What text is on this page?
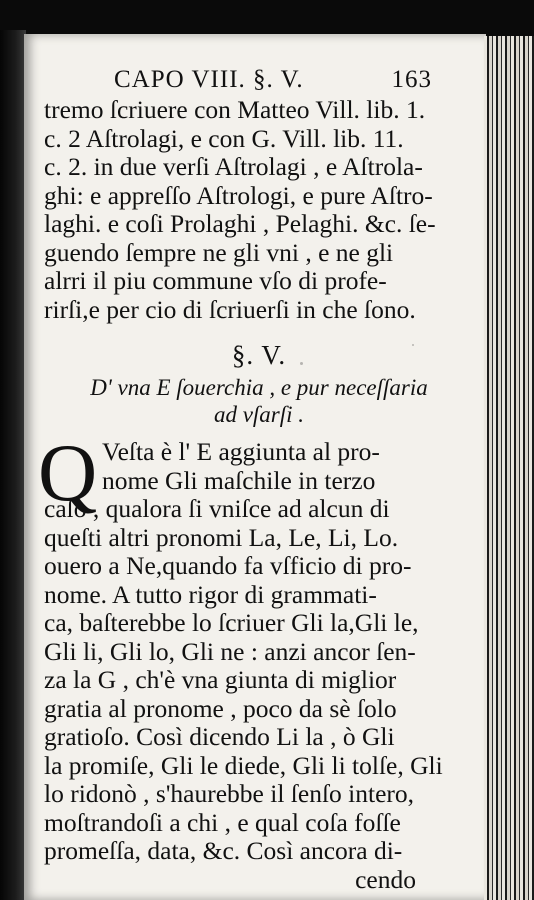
CAPO VIII. §. V.	163
tremo ſcriuere con Matteo Vill. lib. 1.
c. 2 Aſtrolagi, e con G. Vill. lib. 11.
c. 2. in due verſi Aſtrolagi , e Aſtrola-
ghi: e appreſſo Aſtrologi, e pure Aſtro-
laghi. e coſi Prolaghi , Pelaghi. &c. ſe-
guendo ſempre ne gli vni , e ne gli
alrri il piu commune vſo di profe-
rirſi,e per cio di ſcriuerſi in che ſono.
§. V.
D' vna E ſouerchia , e pur neceſſaria
ad vſarſi .
Q Veſta è l' E aggiunta al pro-
nome Gli maſchile in terzo
caſo , qualora ſi vniſce ad alcun di
queſti altri pronomi La, Le, Li, Lo.
ouero a Ne,quando fa vſficio di pro-
nome. A tutto rigor di grammati-
ca, baſterebbe lo ſcriuer Gli la,Gli le,
Gli li, Gli lo, Gli ne : anzi ancor ſen-
za la G , ch'è vna giunta di miglior
gratia al pronome , poco da sè ſolo
gratioſo. Così dicendo Li la , ò Gli
la promiſe, Gli le diede, Gli li tolſe, Gli
lo ridonò , s'haurebbe il ſenſo intero,
moſtrandoſi a chi , e qual coſa foſſe
promeſſa, data, &c. Così ancora di-
cendo
